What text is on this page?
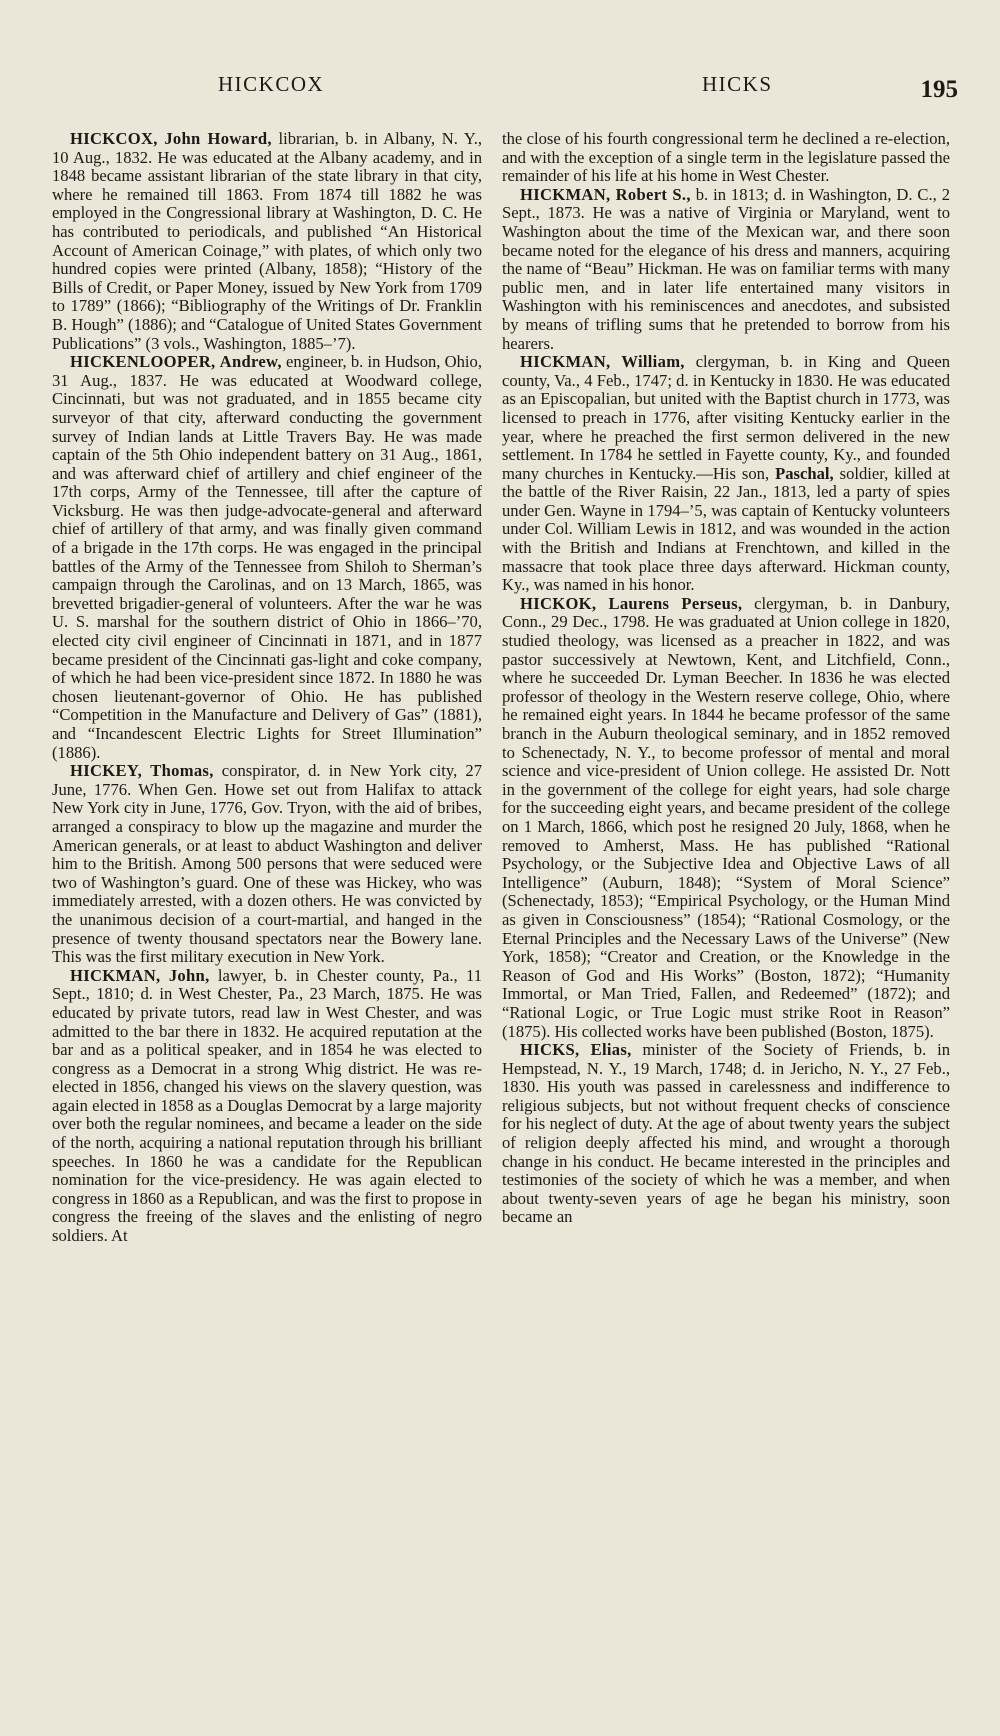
HICKCOX	HICKS	195

HICKCOX, John Howard, librarian, b. in Albany, N. Y., 10 Aug., 1832. He was educated at the Albany academy, and in 1848 became assistant librarian of the state library in that city, where he remained till 1863. From 1874 till 1882 he was employed in the Congressional library at Washington, D. C. He has contributed to periodicals, and published “An Historical Account of American Coinage,” with plates, of which only two hundred copies were printed (Albany, 1858); “History of the Bills of Credit, or Paper Money, issued by New York from 1709 to 1789” (1866); “Bibliography of the Writings of Dr. Franklin B. Hough” (1886); and “Catalogue of United States Government Publications” (3 vols., Washington, 1885–’7).

HICKENLOOPER, Andrew, engineer, b. in Hudson, Ohio, 31 Aug., 1837. He was educated at Woodward college, Cincinnati, but was not graduated, and in 1855 became city surveyor of that city, afterward conducting the government survey of Indian lands at Little Travers Bay. He was made captain of the 5th Ohio independent battery on 31 Aug., 1861, and was afterward chief of artillery and chief engineer of the 17th corps, Army of the Tennessee, till after the capture of Vicksburg. He was then judge-advocate-general and afterward chief of artillery of that army, and was finally given command of a brigade in the 17th corps. He was engaged in the principal battles of the Army of the Tennessee from Shiloh to Sherman’s campaign through the Carolinas, and on 13 March, 1865, was brevetted brigadier-general of volunteers. After the war he was U. S. marshal for the southern district of Ohio in 1866–’70, elected city civil engineer of Cincinnati in 1871, and in 1877 became president of the Cincinnati gas-light and coke company, of which he had been vice-president since 1872. In 1880 he was chosen lieutenant-governor of Ohio. He has published “Competition in the Manufacture and Delivery of Gas” (1881), and “Incandescent Electric Lights for Street Illumination” (1886).

HICKEY, Thomas, conspirator, d. in New York city, 27 June, 1776. When Gen. Howe set out from Halifax to attack New York city in June, 1776, Gov. Tryon, with the aid of bribes, arranged a conspiracy to blow up the magazine and murder the American generals, or at least to abduct Washington and deliver him to the British. Among 500 persons that were seduced were two of Washington’s guard. One of these was Hickey, who was immediately arrested, with a dozen others. He was convicted by the unanimous decision of a court-martial, and hanged in the presence of twenty thousand spectators near the Bowery lane. This was the first military execution in New York.

HICKMAN, John, lawyer, b. in Chester county, Pa., 11 Sept., 1810; d. in West Chester, Pa., 23 March, 1875. He was educated by private tutors, read law in West Chester, and was admitted to the bar there in 1832. He acquired reputation at the bar and as a political speaker, and in 1854 he was elected to congress as a Democrat in a strong Whig district. He was re-elected in 1856, changed his views on the slavery question, was again elected in 1858 as a Douglas Democrat by a large majority over both the regular nominees, and became a leader on the side of the north, acquiring a national reputation through his brilliant speeches. In 1860 he was a candidate for the Republican nomination for the vice-presidency. He was again elected to congress in 1860 as a Republican, and was the first to propose in congress the freeing of the slaves and the enlisting of negro soldiers. At

the close of his fourth congressional term he declined a re-election, and with the exception of a single term in the legislature passed the remainder of his life at his home in West Chester.

HICKMAN, Robert S., b. in 1813; d. in Washington, D. C., 2 Sept., 1873. He was a native of Virginia or Maryland, went to Washington about the time of the Mexican war, and there soon became noted for the elegance of his dress and manners, acquiring the name of “Beau” Hickman. He was on familiar terms with many public men, and in later life entertained many visitors in Washington with his reminiscences and anecdotes, and subsisted by means of trifling sums that he pretended to borrow from his hearers.

HICKMAN, William, clergyman, b. in King and Queen county, Va., 4 Feb., 1747; d. in Kentucky in 1830. He was educated as an Episcopalian, but united with the Baptist church in 1773, was licensed to preach in 1776, after visiting Kentucky earlier in the year, where he preached the first sermon delivered in the new settlement. In 1784 he settled in Fayette county, Ky., and founded many churches in Kentucky.—His son, Paschal, soldier, killed at the battle of the River Raisin, 22 Jan., 1813, led a party of spies under Gen. Wayne in 1794–’5, was captain of Kentucky volunteers under Col. William Lewis in 1812, and was wounded in the action with the British and Indians at Frenchtown, and killed in the massacre that took place three days afterward. Hickman county, Ky., was named in his honor.

HICKOK, Laurens Perseus, clergyman, b. in Danbury, Conn., 29 Dec., 1798. He was graduated at Union college in 1820, studied theology, was licensed as a preacher in 1822, and was pastor successively at Newtown, Kent, and Litchfield, Conn., where he succeeded Dr. Lyman Beecher. In 1836 he was elected professor of theology in the Western reserve college, Ohio, where he remained eight years. In 1844 he became professor of the same branch in the Auburn theological seminary, and in 1852 removed to Schenectady, N. Y., to become professor of mental and moral science and vice-president of Union college. He assisted Dr. Nott in the government of the college for eight years, had sole charge for the succeeding eight years, and became president of the college on 1 March, 1866, which post he resigned 20 July, 1868, when he removed to Amherst, Mass. He has published “Rational Psychology, or the Subjective Idea and Objective Laws of all Intelligence” (Auburn, 1848); “System of Moral Science” (Schenectady, 1853); “Empirical Psychology, or the Human Mind as given in Consciousness” (1854); “Rational Cosmology, or the Eternal Principles and the Necessary Laws of the Universe” (New York, 1858); “Creator and Creation, or the Knowledge in the Reason of God and His Works” (Boston, 1872); “Humanity Immortal, or Man Tried, Fallen, and Redeemed” (1872); and “Rational Logic, or True Logic must strike Root in Reason” (1875). His collected works have been published (Boston, 1875).

HICKS, Elias, minister of the Society of Friends, b. in Hempstead, N. Y., 19 March, 1748; d. in Jericho, N. Y., 27 Feb., 1830. His youth was passed in carelessness and indifference to religious subjects, but not without frequent checks of conscience for his neglect of duty. At the age of about twenty years the subject of religion deeply affected his mind, and wrought a thorough change in his conduct. He became interested in the principles and testimonies of the society of which he was a member, and when about twenty-seven years of age he began his ministry, soon became an
